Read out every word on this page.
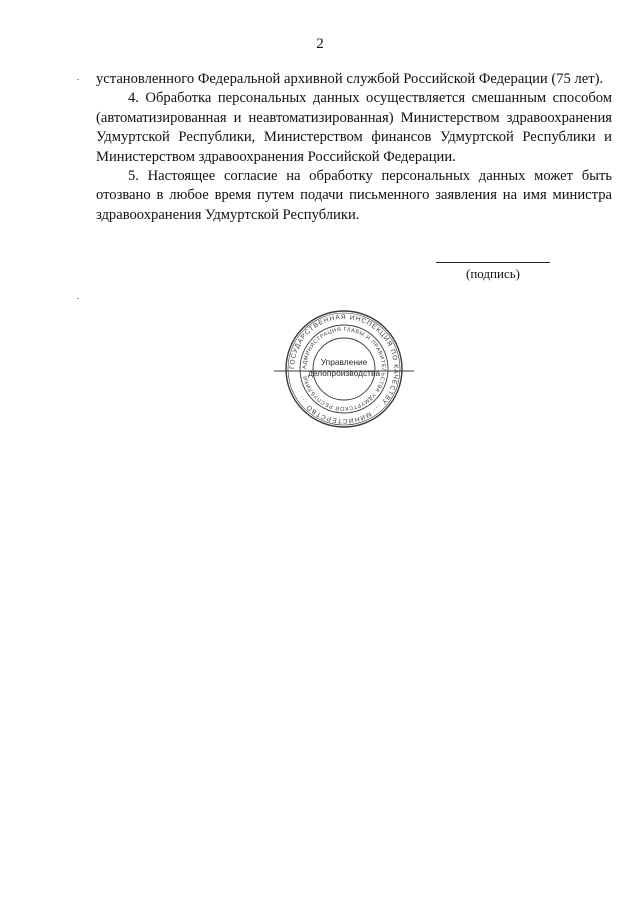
2

установленного Федеральной архивной службой Российской Федерации (75 лет).

4. Обработка персональных данных осуществляется смешанным способом (автоматизированная и неавтоматизированная) Министерством здравоохранения Удмуртской Республики, Министерством финансов Удмуртской Республики и Министерством здравоохранения Российской Федерации.

5. Настоящее согласие на обработку персональных данных может быть отозвано в любое время путем подачи письменного заявления на имя министра здравоохранения Удмуртской Республики.

(подпись)
ГОСУДАРСТВЕННАЯ ИНСПЕКЦИЯ ПО КАЧЕСТВУ ... МИНИСТЕРСТВО ...
АДМИНИСТРАЦИЯ ГЛАВЫ И ПРАВИТЕЛЬСТВА УДМУРТСКОЙ РЕСПУБЛИКИ
Управление
делопроизводства
